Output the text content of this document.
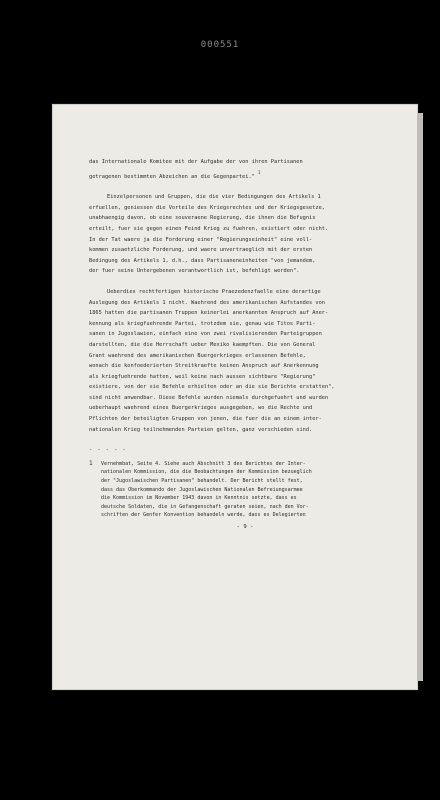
000551

das Internationale Komitee mit der Aufgabe der von ihren Partisanen
getragenen bestimmten Abzeichen an die Gegenpartei." $^1$

Einzelpersonen und Gruppen, die die vier Bedingungen des Artikels 1
erfuellen, geniessen die Vorteile des Kriegsrechtes und der Kriegsgesetze,
unabhaengig davon, ob eine souveraene Regierung, die ihnen die Befugnis
erteilt, fuer sie gegen einen Feind Krieg zu fuehren, existiert oder nicht.
In der Tat waere ja die Forderung einer "Regierungseinheit" eine voll-
kommen zusaetzliche Forderung, und waere unvertraeglich mit der ersten
Bedingung des Artikels 1, d.h., dass Partisaneneinheiten "von jemandem,
der fuer seine Untergebenen verantwortlich ist, befehligt werden".

Ueberdies rechtfertigen historische Praezedenzfaelle eine derartige
Auslegung des Artikels 1 nicht. Waehrend des amerikanischen Aufstandes von
1865 hatten die partisanen Truppen keinerlei anerkannten Anspruch auf Aner-
kennung als kriegfuehrende Partei, trotzdem sie, genau wie Titos Parti-
sanen in Jugoslawien, einfach eine von zwei rivalisierenden Parteigruppen
darstellten, die die Herrschaft ueber Mexiko kaempften. Die von General
Grant waehrend des amerikanischen Buergerkrieges erlassenen Befehle,
wonach die konfoederierten Streitkraefte keinen Anspruch auf Anerkennung
als kriegfuehrende hatten, weil keine nach aussen sichtbare "Regierung"
existiere, von der sie Befehle erhielten oder an die sie Berichte erstatten",
sind nicht anwendbar. Diese Befehle wurden niemals durchgefuehrt und wurden
ueberhaupt waehrend eines Buergerkrieges ausgegeben, wo die Rechte und
Pflichten der beteiligten Gruppen von jenen, die fuer die an einem inter-
nationalen Krieg teilnehmenden Parteien gelten, ganz verschieden sind.

- - - - -
1 Vernehmbat, Seite 4. Siehe auch Abschnitt 3 des Berichtes der Inter-
nationalen Kommission, die die Beobachtungen der Kommission bezueglich
der "Jugoslawischen Partisanen" behandelt. Der Bericht stellt fest,
dass das Oberkommando der Jugoslawischen Nationalen Befreiungsarmee
die Kommission im November 1943 davon in Kenntnis setzte, dass es
deutsche Soldaten, die in Gefangenschaft geraten seien, nach den Vor-
schriften der Genfer Konvention behandeln werde, dass es Delegierten
- 9 -
